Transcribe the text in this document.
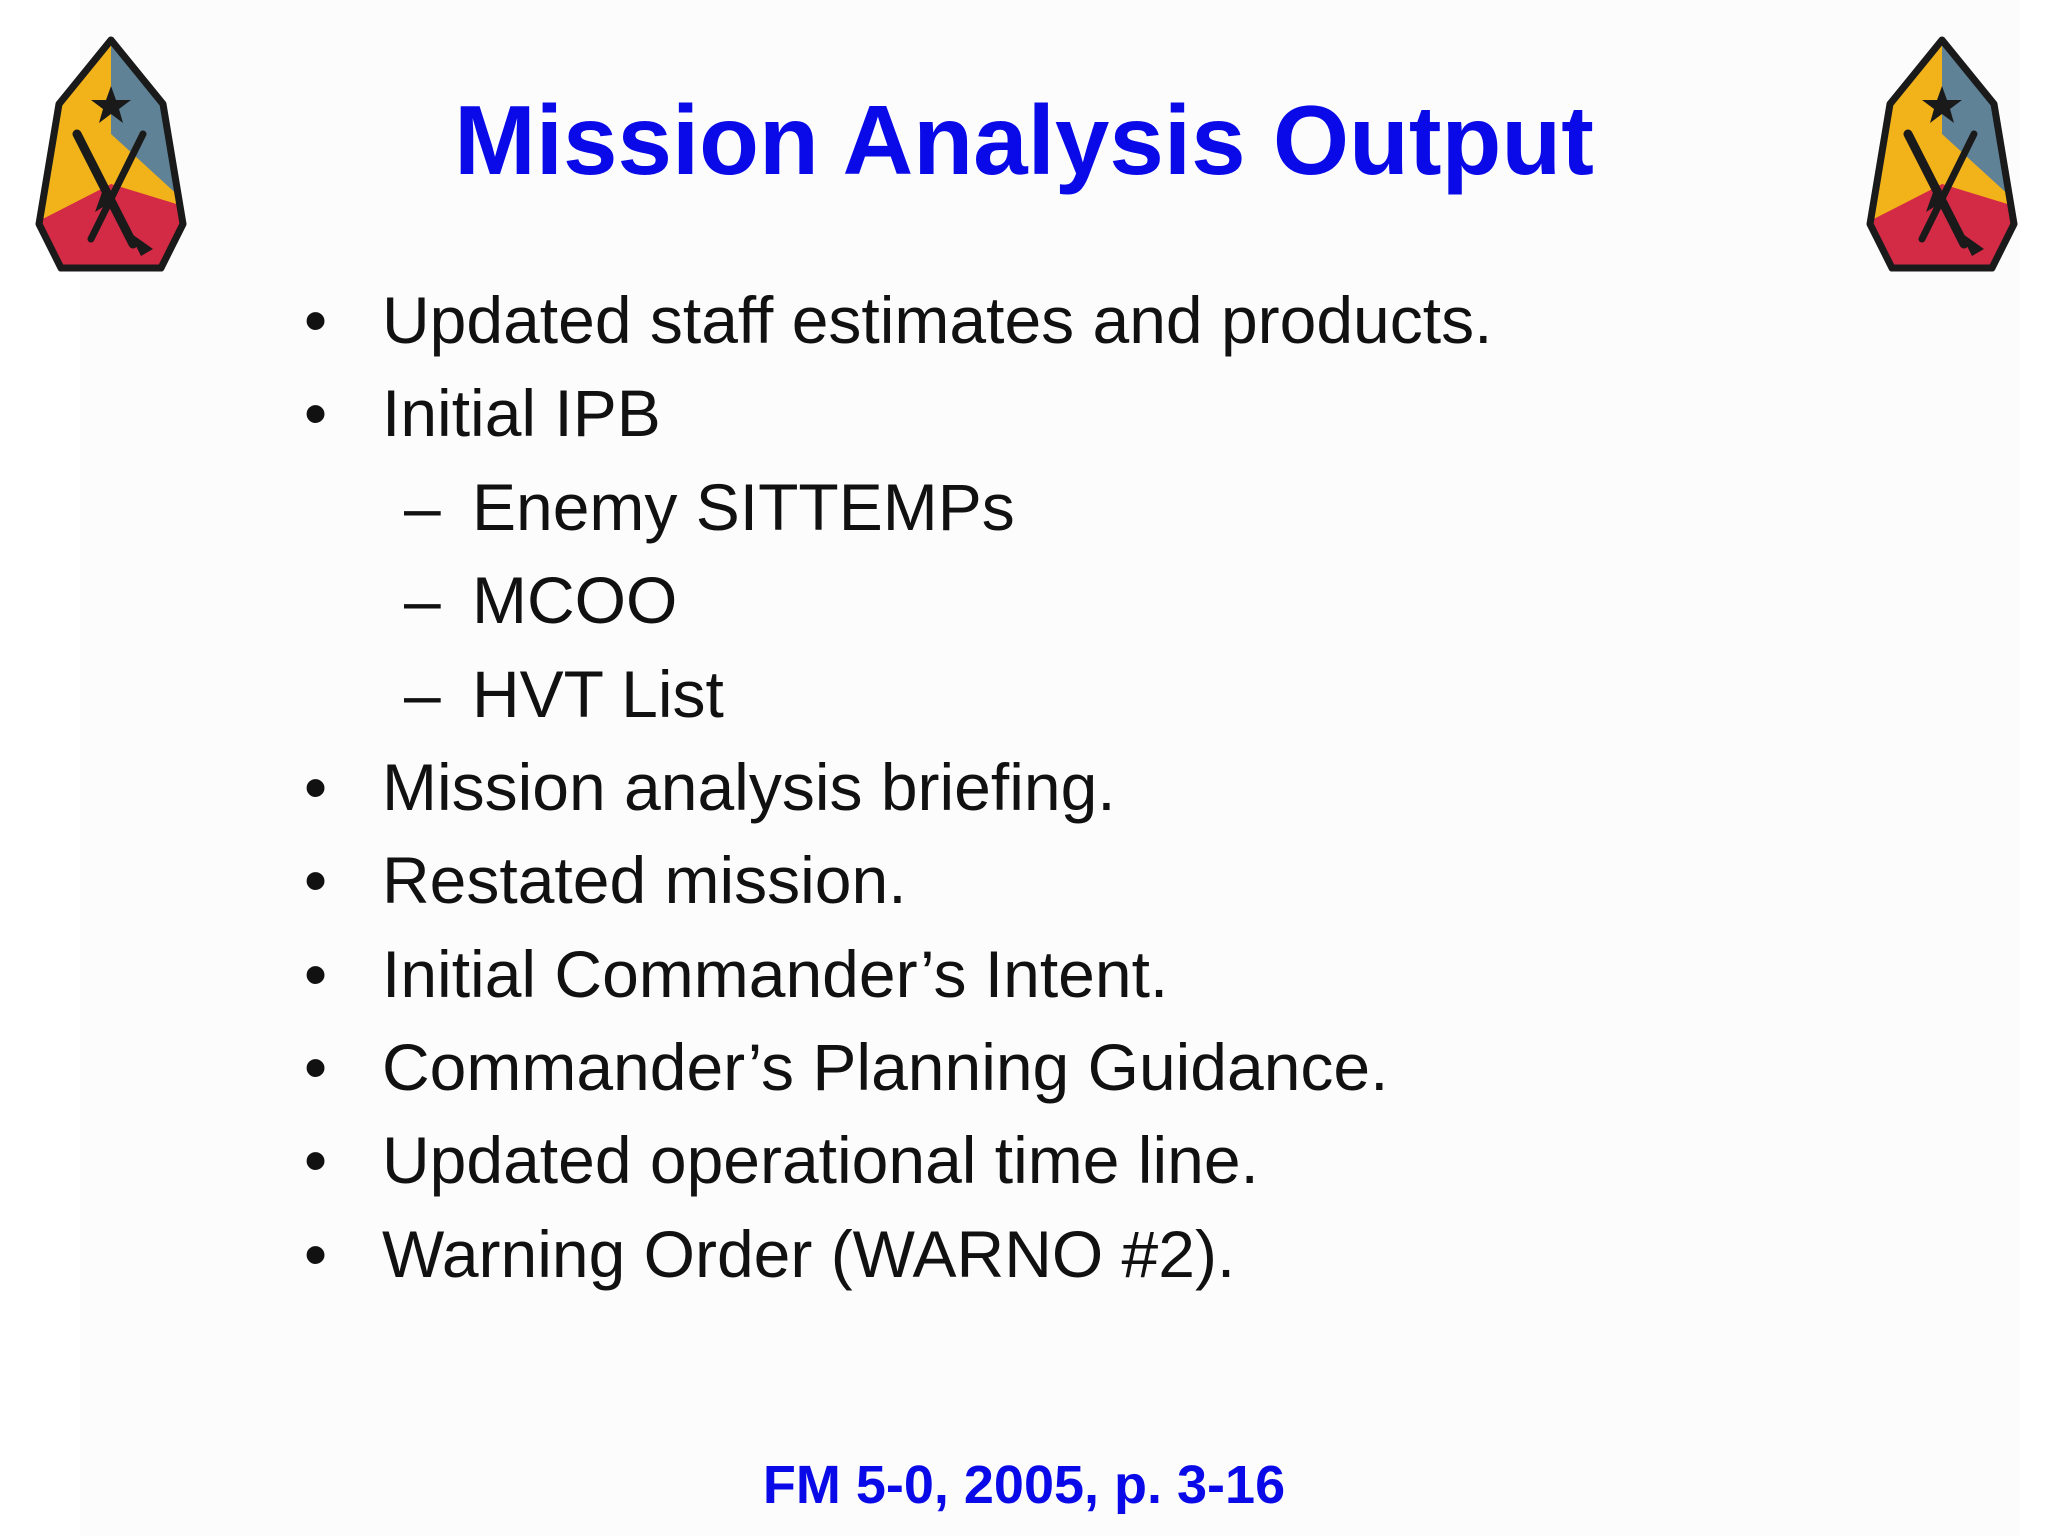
Mission Analysis Output
• Updated staff estimates and products.
• Initial IPB
– Enemy SITTEMPs
– MCOO
– HVT List
• Mission analysis briefing.
• Restated mission.
• Initial Commander’s Intent.
• Commander’s Planning Guidance.
• Updated operational time line.
• Warning Order (WARNO #2).
FM 5-0, 2005, p. 3-16
